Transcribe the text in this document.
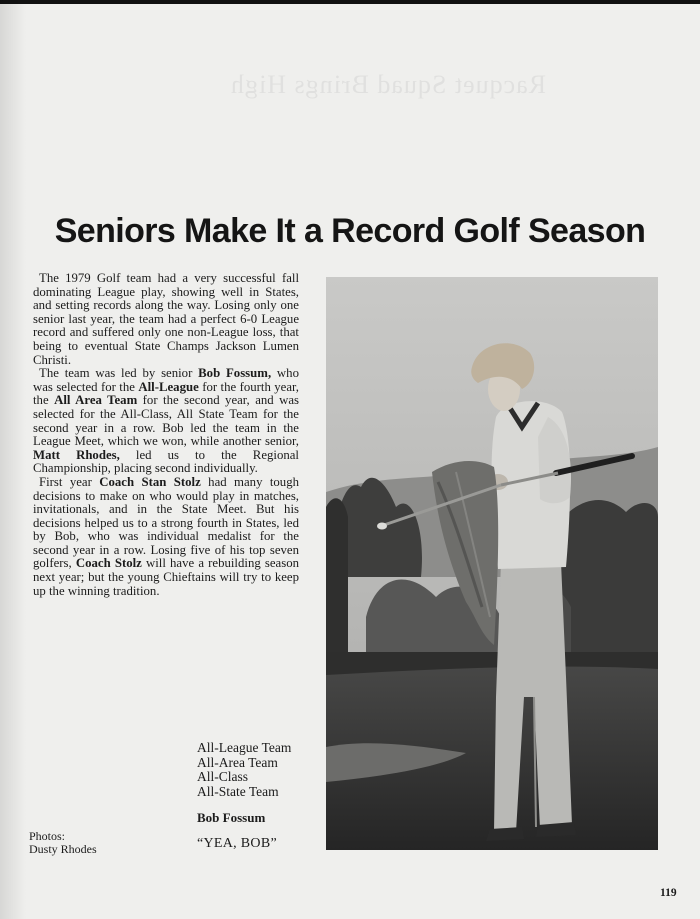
Racquet Squad Brings High
Seniors Make It a Record Golf Season

The 1979 Golf team had a very successful fall dominating League play, showing well in States, and setting records along the way. Losing only one senior last year, the team had a perfect 6-0 League record and suffered only one non-League loss, that being to eventual State Champs Jackson Lumen Christi.

The team was led by senior Bob Fossum, who was selected for the All-League for the fourth year, the All Area Team for the second year, and was selected for the All-Class, All State Team for the second year in a row. Bob led the team in the League Meet, which we won, while another senior, Matt Rhodes, led us to the Regional Championship, placing second individually.

First year Coach Stan Stolz had many tough decisions to make on who would play in matches, invitationals, and in the State Meet. But his decisions helped us to a strong fourth in States, led by Bob, who was individual medalist for the second year in a row. Losing five of his top seven golfers, Coach Stolz will have a rebuilding season next year; but the young Chieftains will try to keep up the winning tradition.

All-League Team
All-Area Team
All-Class
All-State Team
Bob Fossum
“YEA, BOB”
Photos:
Dusty Rhodes
119
